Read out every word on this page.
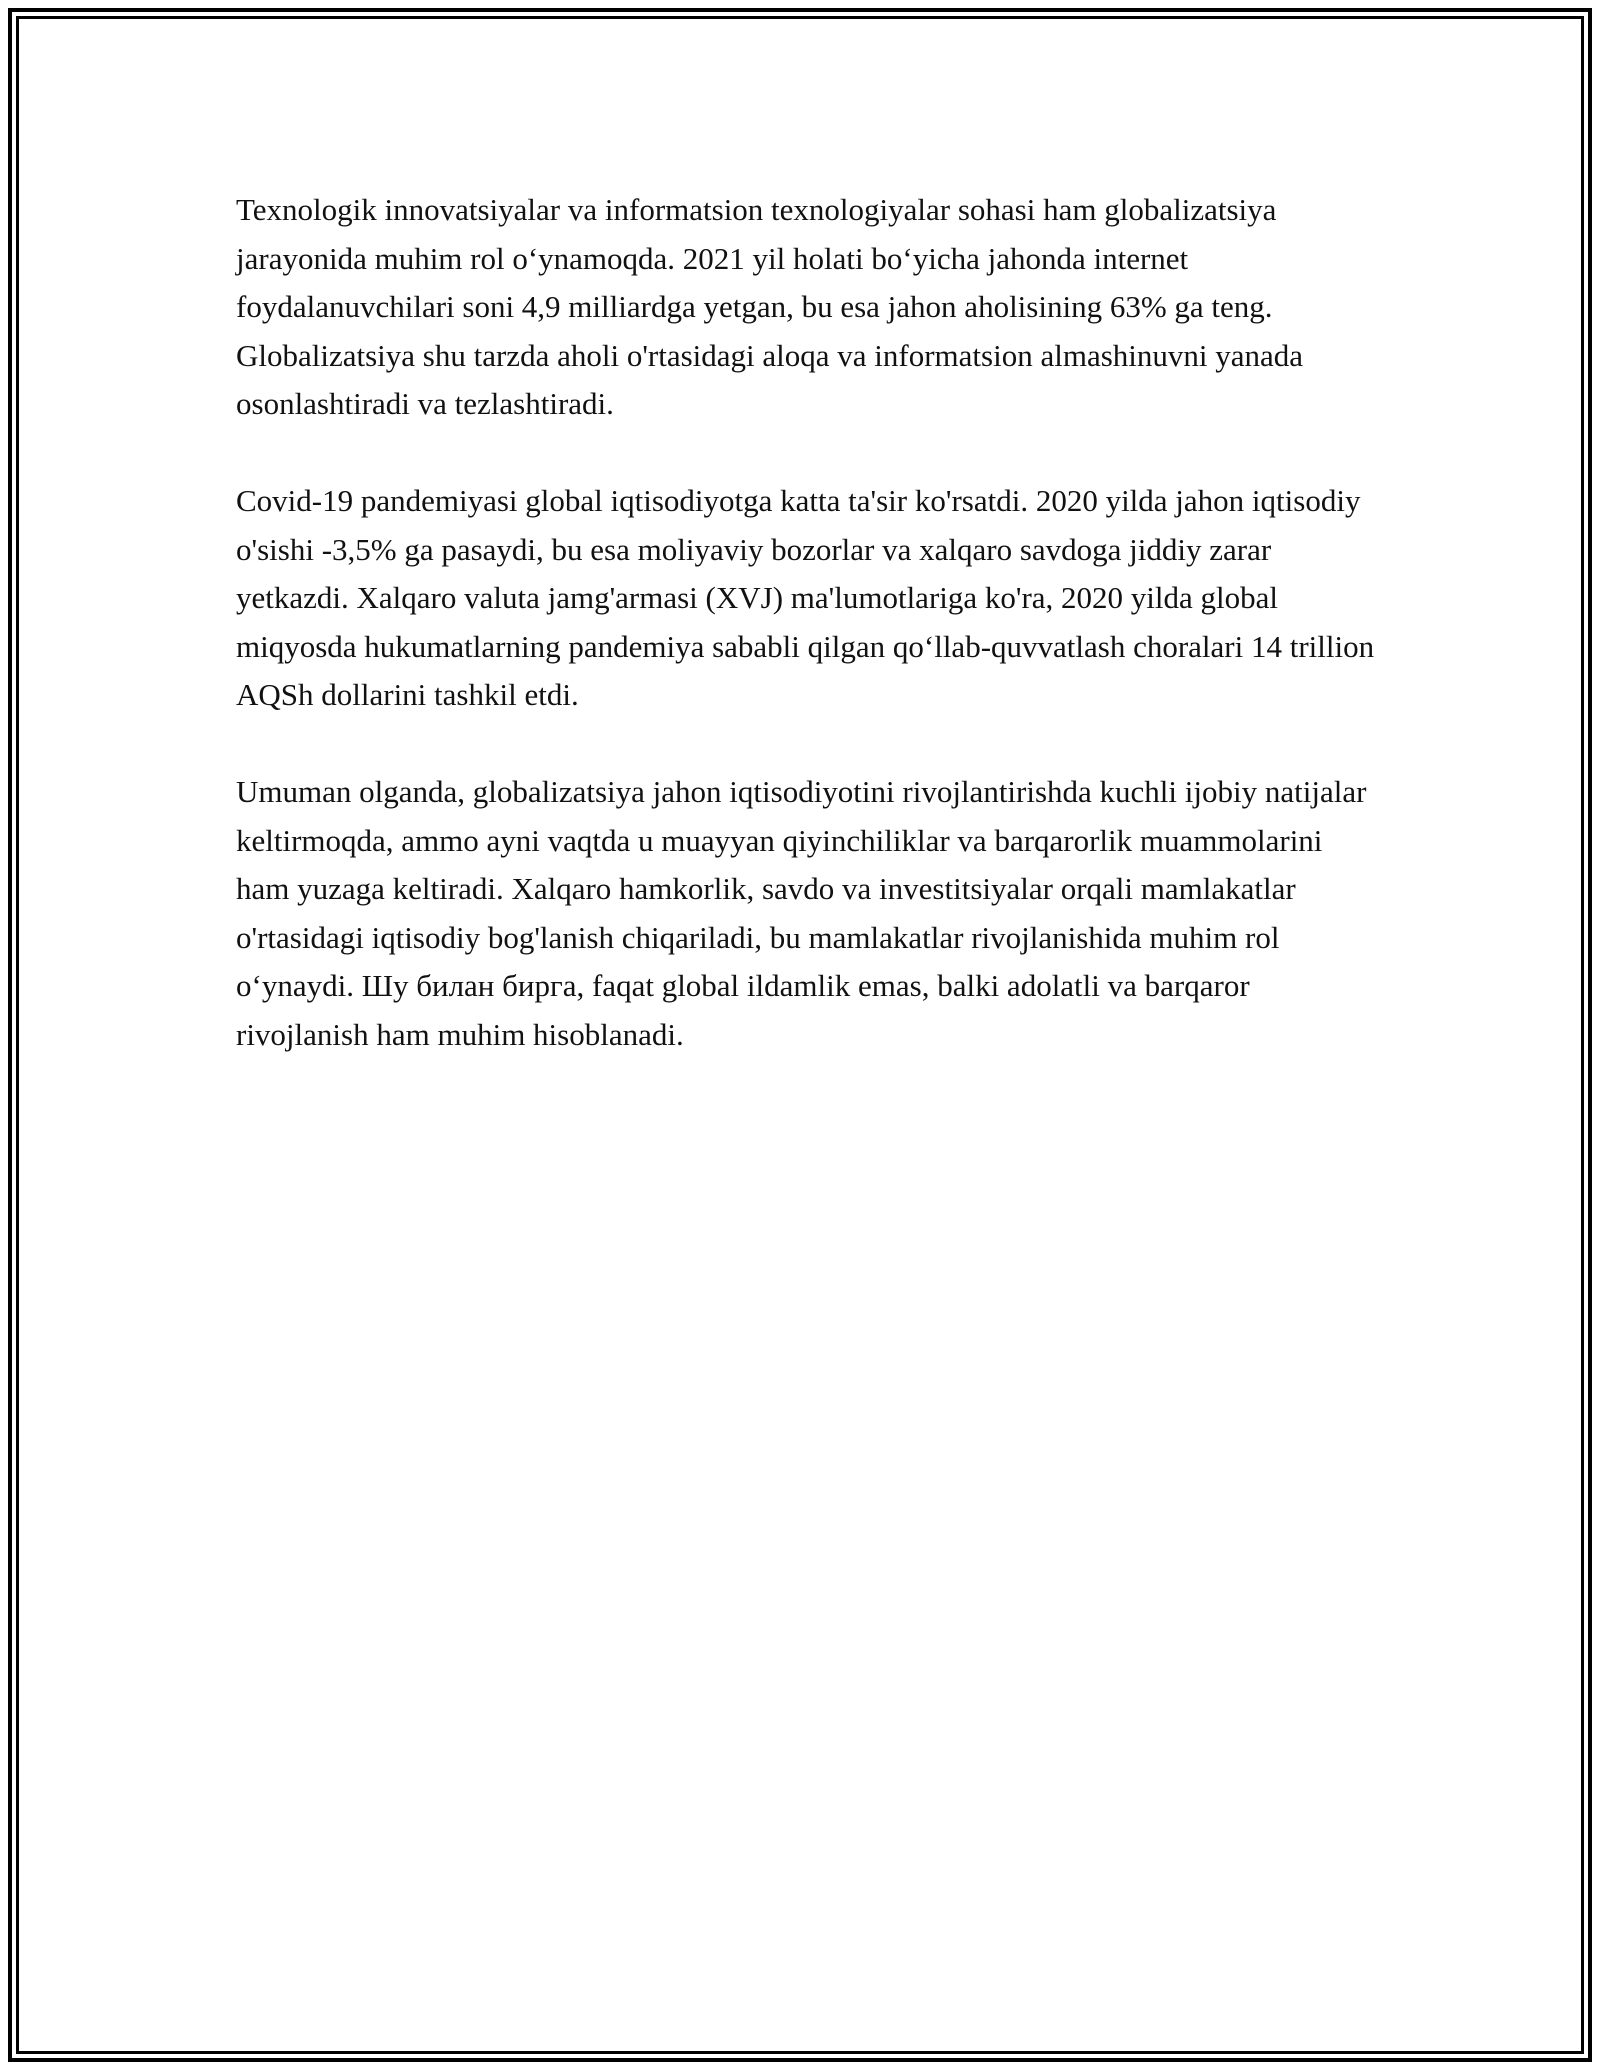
Texnologik innovatsiyalar va informatsion texnologiyalar sohasi ham globalizatsiya jarayonida muhim rol o‘ynamoqda. 2021 yil holati bo‘yicha jahonda internet foydalanuvchilari soni 4,9 milliardga yetgan, bu esa jahon aholisining 63% ga teng. Globalizatsiya shu tarzda aholi o'rtasidagi aloqa va informatsion almashinuvni yanada osonlashtiradi va tezlashtiradi.

Covid-19 pandemiyasi global iqtisodiyotga katta ta'sir ko'rsatdi. 2020 yilda jahon iqtisodiy o'sishi -3,5% ga pasaydi, bu esa moliyaviy bozorlar va xalqaro savdoga jiddiy zarar yetkazdi. Xalqaro valuta jamg'armasi (XVJ) ma'lumotlariga ko'ra, 2020 yilda global miqyosda hukumatlarning pandemiya sababli qilgan qo‘llab-quvvatlash choralari 14 trillion AQSh dollarini tashkil etdi.

Umuman olganda, globalizatsiya jahon iqtisodiyotini rivojlantirishda kuchli ijobiy natijalar keltirmoqda, ammo ayni vaqtda u muayyan qiyinchiliklar va barqarorlik muammolarini ham yuzaga keltiradi. Xalqaro hamkorlik, savdo va investitsiyalar orqali mamlakatlar o'rtasidagi iqtisodiy bog'lanish chiqariladi, bu mamlakatlar rivojlanishida muhim rol o‘ynaydi. Шу билан бирга, faqat global ildamlik emas, balki adolatli va barqaror rivojlanish ham muhim hisoblanadi.
